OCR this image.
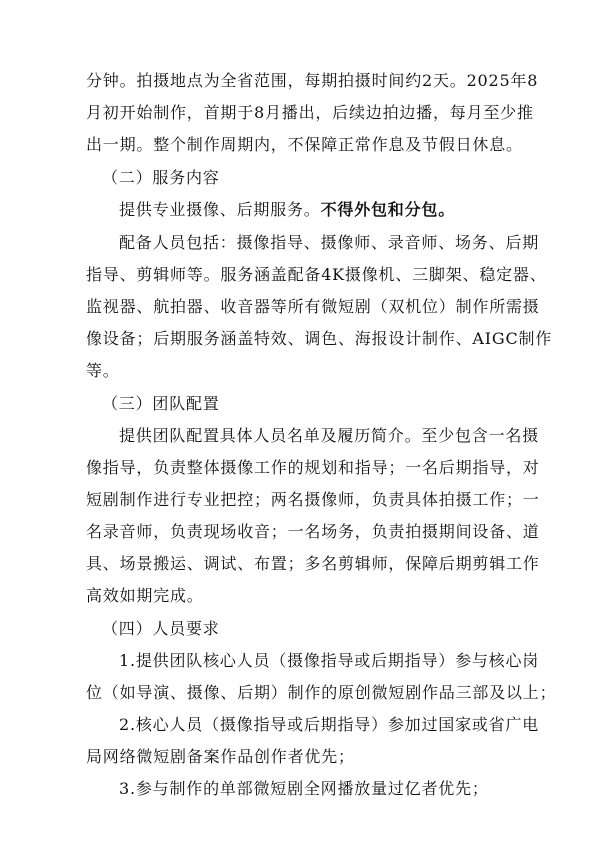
分钟。拍摄地点为全省范围，每期拍摄时间约2天。2025年8
月初开始制作，首期于8月播出，后续边拍边播，每月至少推
出一期。整个制作周期内，不保障正常作息及节假日休息。
（二）服务内容
提供专业摄像、后期服务。不得外包和分包。
配备人员包括：摄像指导、摄像师、录音师、场务、后期
指导、剪辑师等。服务涵盖配备4K摄像机、三脚架、稳定器、
监视器、航拍器、收音器等所有微短剧（双机位）制作所需摄
像设备；后期服务涵盖特效、调色、海报设计制作、AIGC制作
等。
（三）团队配置
提供团队配置具体人员名单及履历简介。至少包含一名摄
像指导，负责整体摄像工作的规划和指导；一名后期指导，对
短剧制作进行专业把控；两名摄像师，负责具体拍摄工作；一
名录音师，负责现场收音；一名场务，负责拍摄期间设备、道
具、场景搬运、调试、布置；多名剪辑师，保障后期剪辑工作
高效如期完成。
（四）人员要求
1.提供团队核心人员（摄像指导或后期指导）参与核心岗
位（如导演、摄像、后期）制作的原创微短剧作品三部及以上；
2.核心人员（摄像指导或后期指导）参加过国家或省广电
局网络微短剧备案作品创作者优先；
3.参与制作的单部微短剧全网播放量过亿者优先；
